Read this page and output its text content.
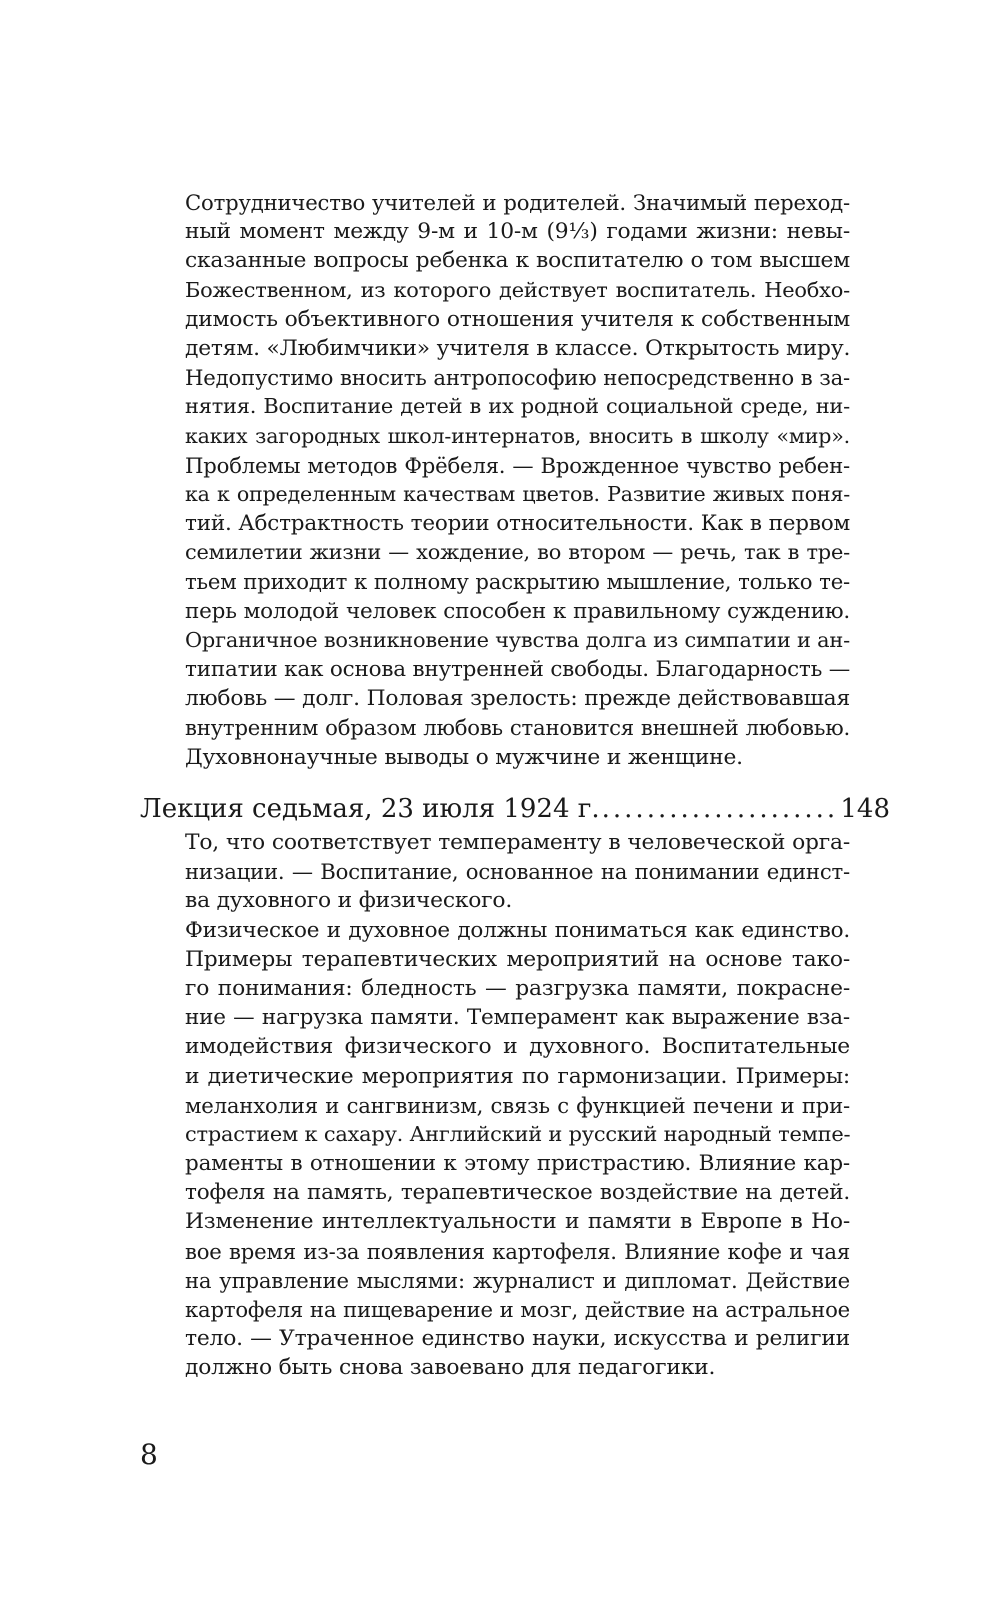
Сотрудничество учителей и родителей. Значимый переход-
ный момент между 9-м и 10-м (9⅓) годами жизни: невы-
сказанные вопросы ребенка к воспитателю о том высшем
Божественном, из которого действует воспитатель. Необхо-
димость объективного отношения учителя к собственным
детям. «Любимчики» учителя в классе. Открытость миру.
Недопустимо вносить антропософию непосредственно в за-
нятия. Воспитание детей в их родной социальной среде, ни-
каких загородных школ-интернатов, вносить в школу «мир».
Проблемы методов Фрёбеля. — Врожденное чувство ребен-
ка к определенным качествам цветов. Развитие живых поня-
тий. Абстрактность теории относительности. Как в первом
семилетии жизни — хождение, во втором — речь, так в тре-
тьем приходит к полному раскрытию мышление, только те-
перь молодой человек способен к правильному суждению.
Органичное возникновение чувства долга из симпатии и ан-
типатии как основа внутренней свободы. Благодарность —
любовь — долг. Половая зрелость: прежде действовавшая
внутренним образом любовь становится внешней любовью.
Духовнонаучные выводы о мужчине и женщине.
Лекция седьмая, 23 июля 1924 г.
.....	148
То, что соответствует темпераменту в человеческой орга-
низации. — Воспитание, основанное на понимании единст-
ва духовного и физического.
Физическое и духовное должны пониматься как единство.
Примеры терапевтических мероприятий на основе тако-
го понимания: бледность — разгрузка памяти, покрасне-
ние — нагрузка памяти. Темперамент как выражение вза-
имодействия физического и духовного. Воспитательные
и диетические мероприятия по гармонизации. Примеры:
меланхолия и сангвинизм, связь с функцией печени и при-
страстием к сахару. Английский и русский народный темпе-
раменты в отношении к этому пристрастию. Влияние кар-
тофеля на память, терапевтическое воздействие на детей.
Изменение интеллектуальности и памяти в Европе в Но-
вое время из-за появления картофеля. Влияние кофе и чая
на управление мыслями: журналист и дипломат. Действие
картофеля на пищеварение и мозг, действие на астральное
тело. — Утраченное единство науки, искусства и религии
должно быть снова завоевано для педагогики.
8
